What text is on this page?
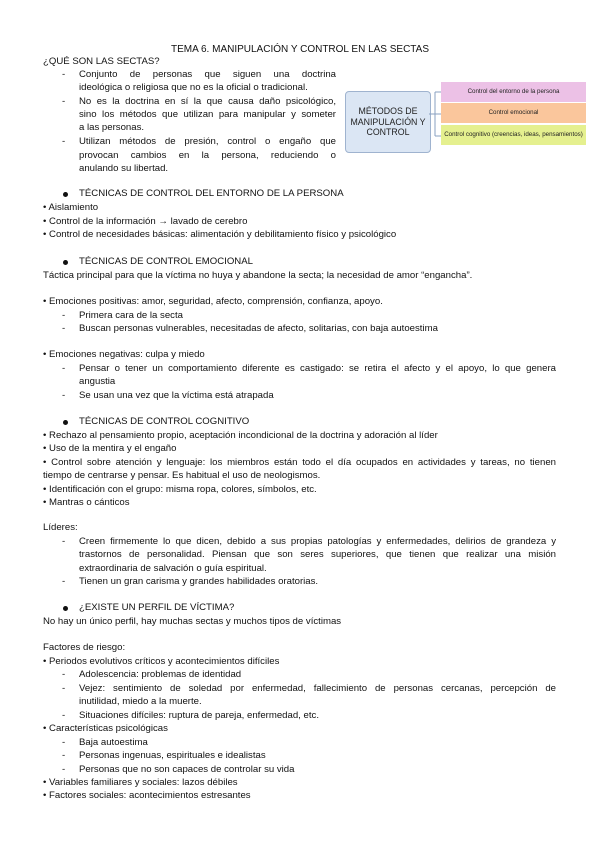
TEMA 6. MANIPULACIÓN Y CONTROL EN LAS SECTAS
¿QUÉ SON LAS SECTAS?
- Conjunto de personas que siguen una doctrina
ideológica o religiosa que no es la oficial o tradicional.
- No es la doctrina en sí la que causa daño psicológico,
sino los métodos que utilizan para manipular y someter
a las personas.
- Utilizan métodos de presión, control o engaño que
provocan cambios en la persona, reduciendo o
anulando su libertad.
MÉTODOS DE
MANIPULACIÓN Y
CONTROL
Control del entorno de la persona
Control emocional
Control cognitivo (creencias, ideas, pensamientos)
TÉCNICAS DE CONTROL DEL ENTORNO DE LA PERSONA
• Aislamiento
• Control de la información → lavado de cerebro
• Control de necesidades básicas: alimentación y debilitamiento físico y psicológico
TÉCNICAS DE CONTROL EMOCIONAL
Táctica principal para que la víctima no huya y abandone la secta; la necesidad de amor “engancha”.
• Emociones positivas: amor, seguridad, afecto, comprensión, confianza, apoyo.
- Primera cara de la secta
- Buscan personas vulnerables, necesitadas de afecto, solitarias, con baja autoestima
• Emociones negativas: culpa y miedo
- Pensar o tener un comportamiento diferente es castigado: se retira el afecto y el apoyo, lo que genera
angustia
- Se usan una vez que la víctima está atrapada
TÉCNICAS DE CONTROL COGNITIVO
• Rechazo al pensamiento propio, aceptación incondicional de la doctrina y adoración al líder
• Uso de la mentira y el engaño
• Control sobre atención y lenguaje: los miembros están todo el día ocupados en actividades y tareas, no tienen
tiempo de centrarse y pensar. Es habitual el uso de neologismos.
• Identificación con el grupo: misma ropa, colores, símbolos, etc.
• Mantras o cánticos
Líderes:
- Creen firmemente lo que dicen, debido a sus propias patologías y enfermedades, delirios de grandeza y
trastornos de personalidad. Piensan que son seres superiores, que tienen que realizar una misión
extraordinaria de salvación o guía espiritual.
- Tienen un gran carisma y grandes habilidades oratorias.
¿EXISTE UN PERFIL DE VÍCTIMA?
No hay un único perfil, hay muchas sectas y muchos tipos de víctimas
Factores de riesgo:
• Periodos evolutivos críticos y acontecimientos difíciles
- Adolescencia: problemas de identidad
- Vejez: sentimiento de soledad por enfermedad, fallecimiento de personas cercanas, percepción de
inutilidad, miedo a la muerte.
- Situaciones difíciles: ruptura de pareja, enfermedad, etc.
• Características psicológicas
- Baja autoestima
- Personas ingenuas, espirituales e idealistas
- Personas que no son capaces de controlar su vida
• Variables familiares y sociales: lazos débiles
• Factores sociales: acontecimientos estresantes
